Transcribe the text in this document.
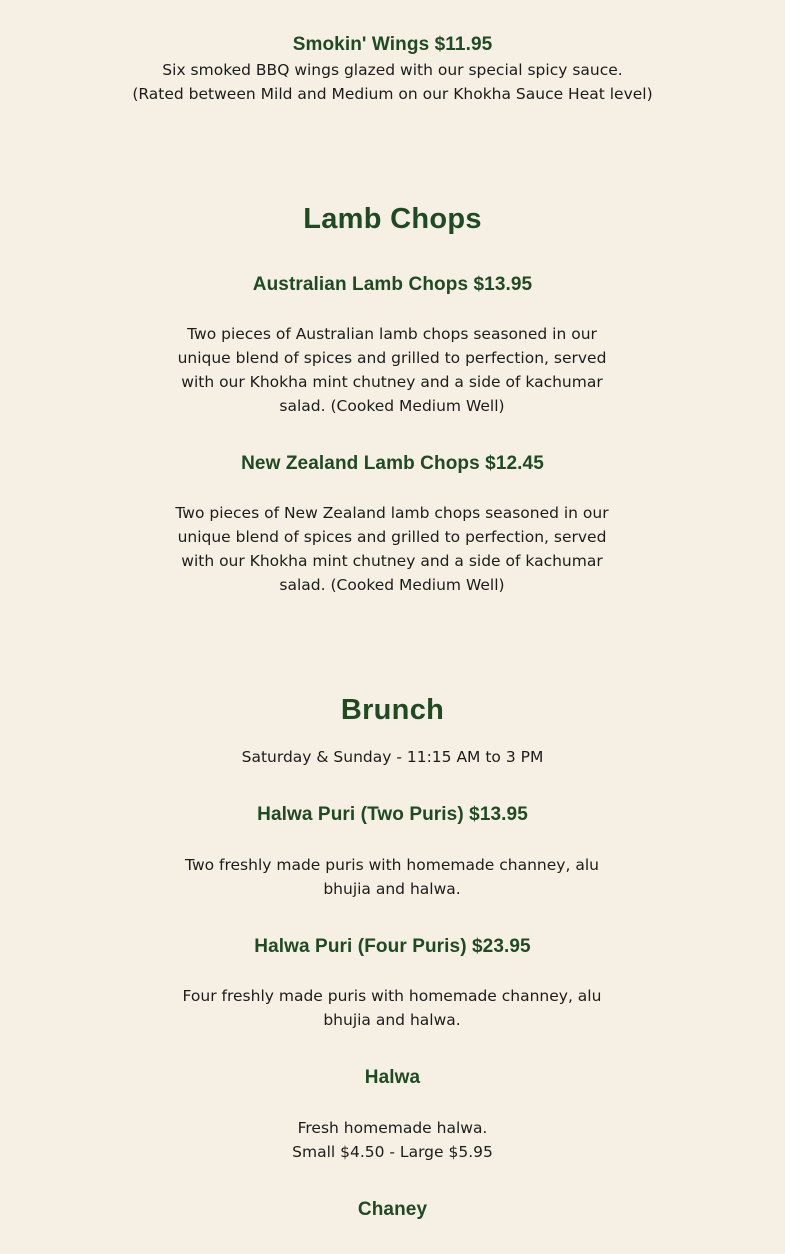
Smokin' Wings $11.95
Six smoked BBQ wings glazed with our special spicy sauce.
(Rated between Mild and Medium on our Khokha Sauce Heat level)
Lamb Chops
Australian Lamb Chops $13.95
Two pieces of Australian lamb chops seasoned in our unique blend of spices and grilled to perfection, served with our Khokha mint chutney and a side of kachumar salad. (Cooked Medium Well)
New Zealand Lamb Chops $12.45
Two pieces of New Zealand lamb chops seasoned in our unique blend of spices and grilled to perfection, served with our Khokha mint chutney and a side of kachumar salad. (Cooked Medium Well)
Brunch
Saturday & Sunday - 11:15 AM to 3 PM
Halwa Puri (Two Puris) $13.95
Two freshly made puris with homemade channey, alu bhujia and halwa.
Halwa Puri (Four Puris) $23.95
Four freshly made puris with homemade channey, alu bhujia and halwa.
Halwa
Fresh homemade halwa.
Small $4.50 - Large $5.95
Chaney
